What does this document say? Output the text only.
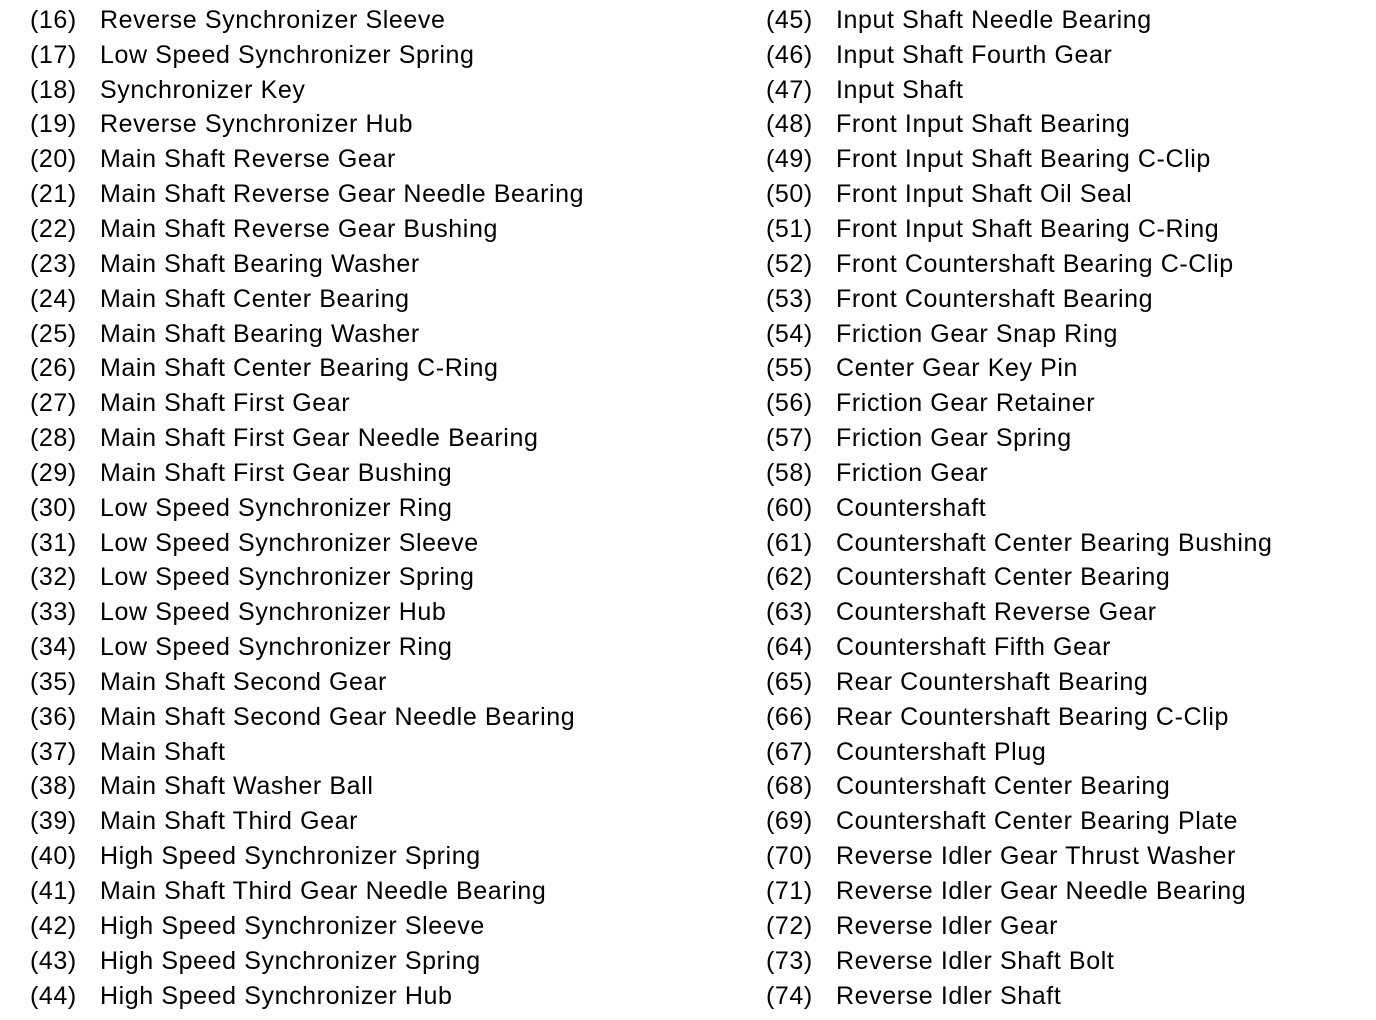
(16) Reverse Synchronizer Sleeve
(17) Low Speed Synchronizer Spring
(18) Synchronizer Key
(19) Reverse Synchronizer Hub
(20) Main Shaft Reverse Gear
(21) Main Shaft Reverse Gear Needle Bearing
(22) Main Shaft Reverse Gear Bushing
(23) Main Shaft Bearing Washer
(24) Main Shaft Center Bearing
(25) Main Shaft Bearing Washer
(26) Main Shaft Center Bearing C-Ring
(27) Main Shaft First Gear
(28) Main Shaft First Gear Needle Bearing
(29) Main Shaft First Gear Bushing
(30) Low Speed Synchronizer Ring
(31) Low Speed Synchronizer Sleeve
(32) Low Speed Synchronizer Spring
(33) Low Speed Synchronizer Hub
(34) Low Speed Synchronizer Ring
(35) Main Shaft Second Gear
(36) Main Shaft Second Gear Needle Bearing
(37) Main Shaft
(38) Main Shaft Washer Ball
(39) Main Shaft Third Gear
(40) High Speed Synchronizer Spring
(41) Main Shaft Third Gear Needle Bearing
(42) High Speed Synchronizer Sleeve
(43) High Speed Synchronizer Spring
(44) High Speed Synchronizer Hub
(45) Input Shaft Needle Bearing
(46) Input Shaft Fourth Gear
(47) Input Shaft
(48) Front Input Shaft Bearing
(49) Front Input Shaft Bearing C-Clip
(50) Front Input Shaft Oil Seal
(51) Front Input Shaft Bearing C-Ring
(52) Front Countershaft Bearing C-Clip
(53) Front Countershaft Bearing
(54) Friction Gear Snap Ring
(55) Center Gear Key Pin
(56) Friction Gear Retainer
(57) Friction Gear Spring
(58) Friction Gear
(60) Countershaft
(61) Countershaft Center Bearing Bushing
(62) Countershaft Center Bearing
(63) Countershaft Reverse Gear
(64) Countershaft Fifth Gear
(65) Rear Countershaft Bearing
(66) Rear Countershaft Bearing C-Clip
(67) Countershaft Plug
(68) Countershaft Center Bearing
(69) Countershaft Center Bearing Plate
(70) Reverse Idler Gear Thrust Washer
(71) Reverse Idler Gear Needle Bearing
(72) Reverse Idler Gear
(73) Reverse Idler Shaft Bolt
(74) Reverse Idler Shaft
